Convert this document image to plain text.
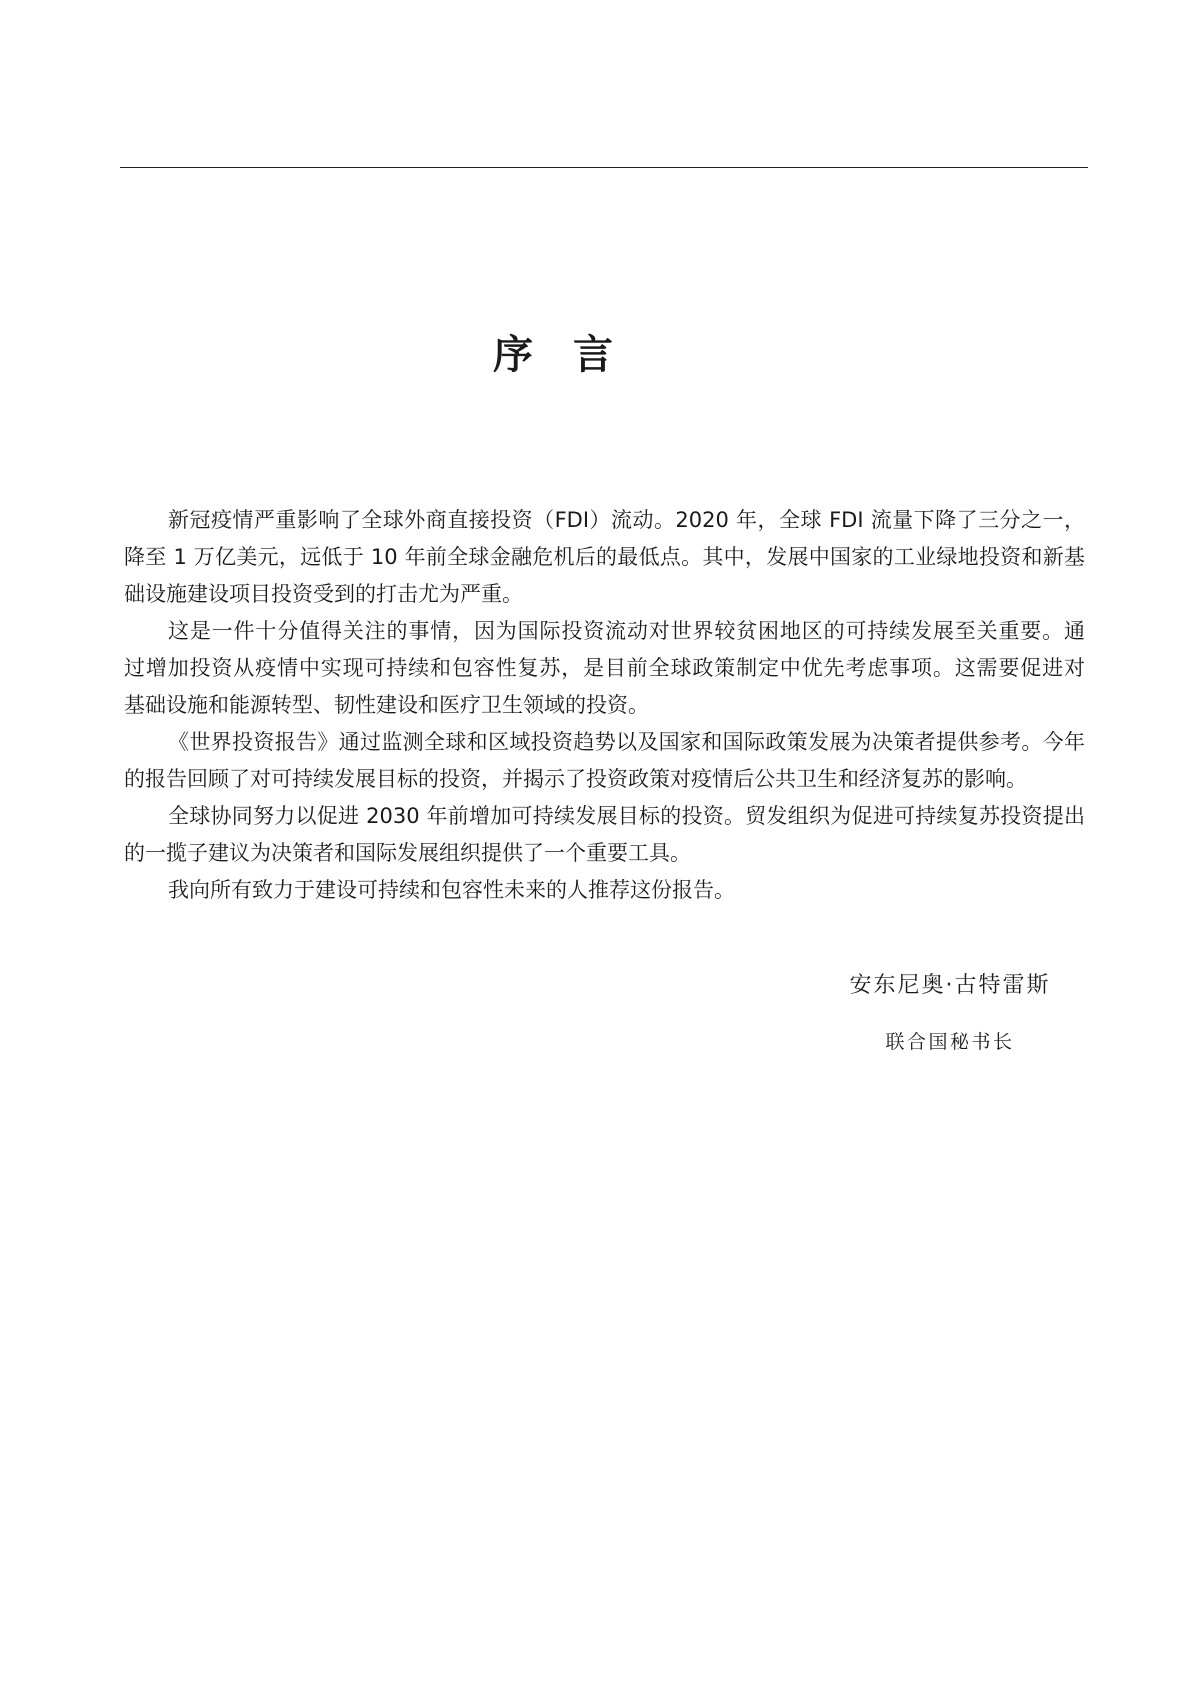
序　言
新冠疫情严重影响了全球外商直接投资（FDI）流动。2020 年，全球 FDI 流量下降了三分之一，
降至 1 万亿美元，远低于 10 年前全球金融危机后的最低点。其中，发展中国家的工业绿地投资和新基
础设施建设项目投资受到的打击尤为严重。
这是一件十分值得关注的事情，因为国际投资流动对世界较贫困地区的可持续发展至关重要。通
过增加投资从疫情中实现可持续和包容性复苏，是目前全球政策制定中优先考虑事项。这需要促进对
基础设施和能源转型、韧性建设和医疗卫生领域的投资。
《世界投资报告》通过监测全球和区域投资趋势以及国家和国际政策发展为决策者提供参考。今年
的报告回顾了对可持续发展目标的投资，并揭示了投资政策对疫情后公共卫生和经济复苏的影响。
全球协同努力以促进 2030 年前增加可持续发展目标的投资。贸发组织为促进可持续复苏投资提出
的一揽子建议为决策者和国际发展组织提供了一个重要工具。
我向所有致力于建设可持续和包容性未来的人推荐这份报告。
安东尼奥·古特雷斯
联合国秘书长
